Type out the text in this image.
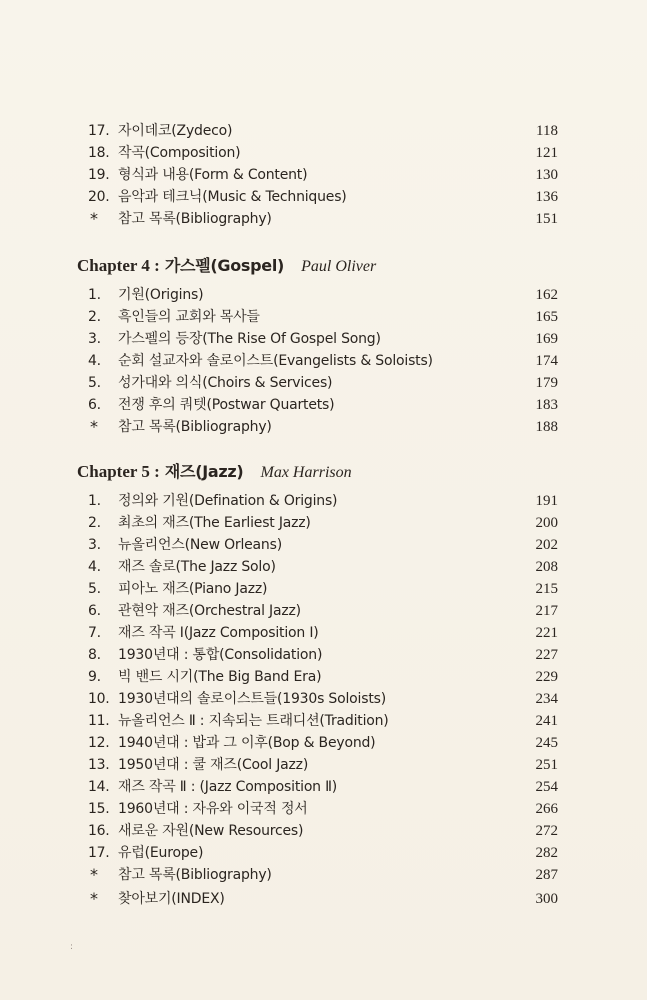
17. 자이데코(Zydeco)	118
18. 작곡(Composition)	121
19. 형식과 내용(Form & Content)	130
20. 음악과 테크닉(Music & Techniques)	136
*	참고 목록(Bibliography)	151
Chapter 4 : 가스펠(Gospel) Paul Oliver
1.	기원(Origins)	162
2.	흑인들의 교회와 목사들	165
3.	가스펠의 등장(The Rise Of Gospel Song)	169
4.	순회 설교자와 솔로이스트(Evangelists & Soloists)	174
5.	성가대와 의식(Choirs & Services)	179
6.	전쟁 후의 쿼텟(Postwar Quartets)	183
*	참고 목록(Bibliography)	188
Chapter 5 : 재즈(Jazz) Max Harrison
1.	정의와 기원(Defination & Origins)	191
2.	최초의 재즈(The Earliest Jazz)	200
3.	뉴올리언스(New Orleans)	202
4.	재즈 솔로(The Jazz Solo)	208
5.	피아노 재즈(Piano Jazz)	215
6.	관현악 재즈(Orchestral Jazz)	217
7.	재즈 작곡 Ⅰ(Jazz Composition Ⅰ)	221
8.	1930년대 : 통합(Consolidation)	227
9.	빅 밴드 시기(The Big Band Era)	229
10. 1930년대의 솔로이스트들(1930s Soloists)	234
11. 뉴올리언스 Ⅱ : 지속되는 트래디션(Tradition)	241
12. 1940년대 : 밥과 그 이후(Bop & Beyond)	245
13. 1950년대 : 쿨 재즈(Cool Jazz)	251
14. 재즈 작곡 Ⅱ : (Jazz Composition Ⅱ)	254
15. 1960년대 : 자유와 이국적 정서	266
16. 새로운 자원(New Resources)	272
17. 유럽(Europe)	282
*	참고 목록(Bibliography)	287
*	찾아보기(INDEX)	300
:
